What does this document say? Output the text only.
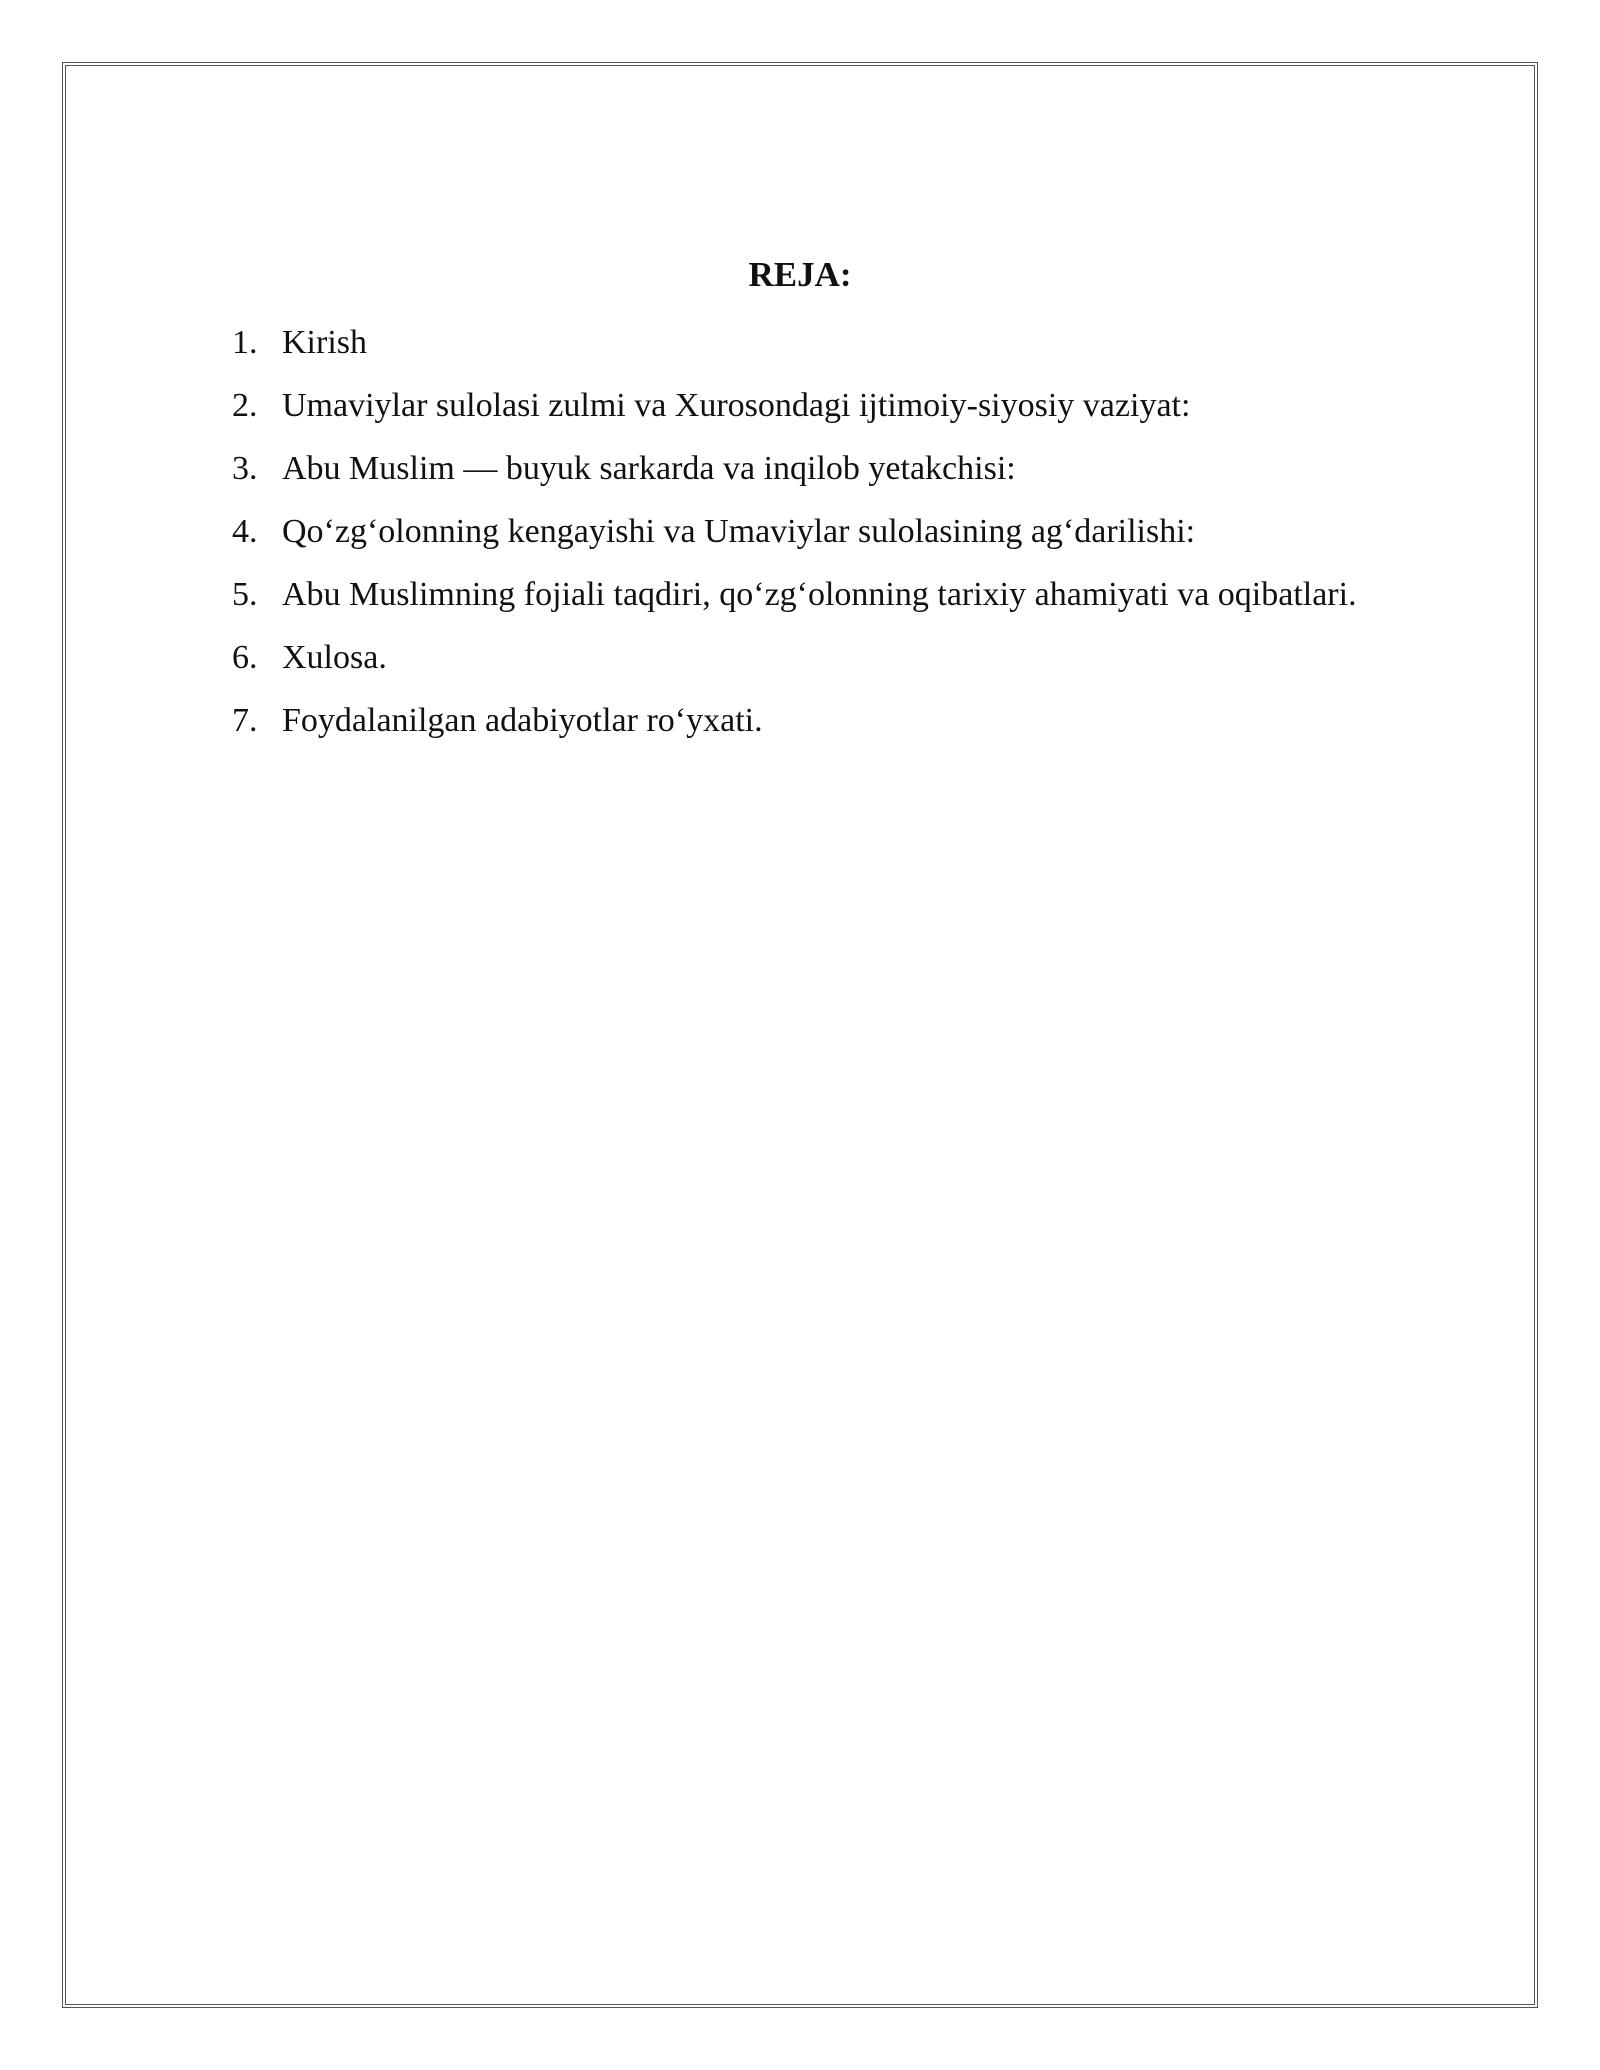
REJA:
1. Kirish
2. Umaviylar sulolasi zulmi va Xurosondagi ijtimoiy-siyosiy vaziyat:
3. Abu Muslim — buyuk sarkarda va inqilob yetakchisi:
4. Qo‘zg‘olonning kengayishi va Umaviylar sulolasining ag‘darilishi:
5. Abu Muslimning fojiali taqdiri, qo‘zg‘olonning tarixiy ahamiyati va oqibatlari.
6. Xulosa.
7. Foydalanilgan adabiyotlar ro‘yxati.
